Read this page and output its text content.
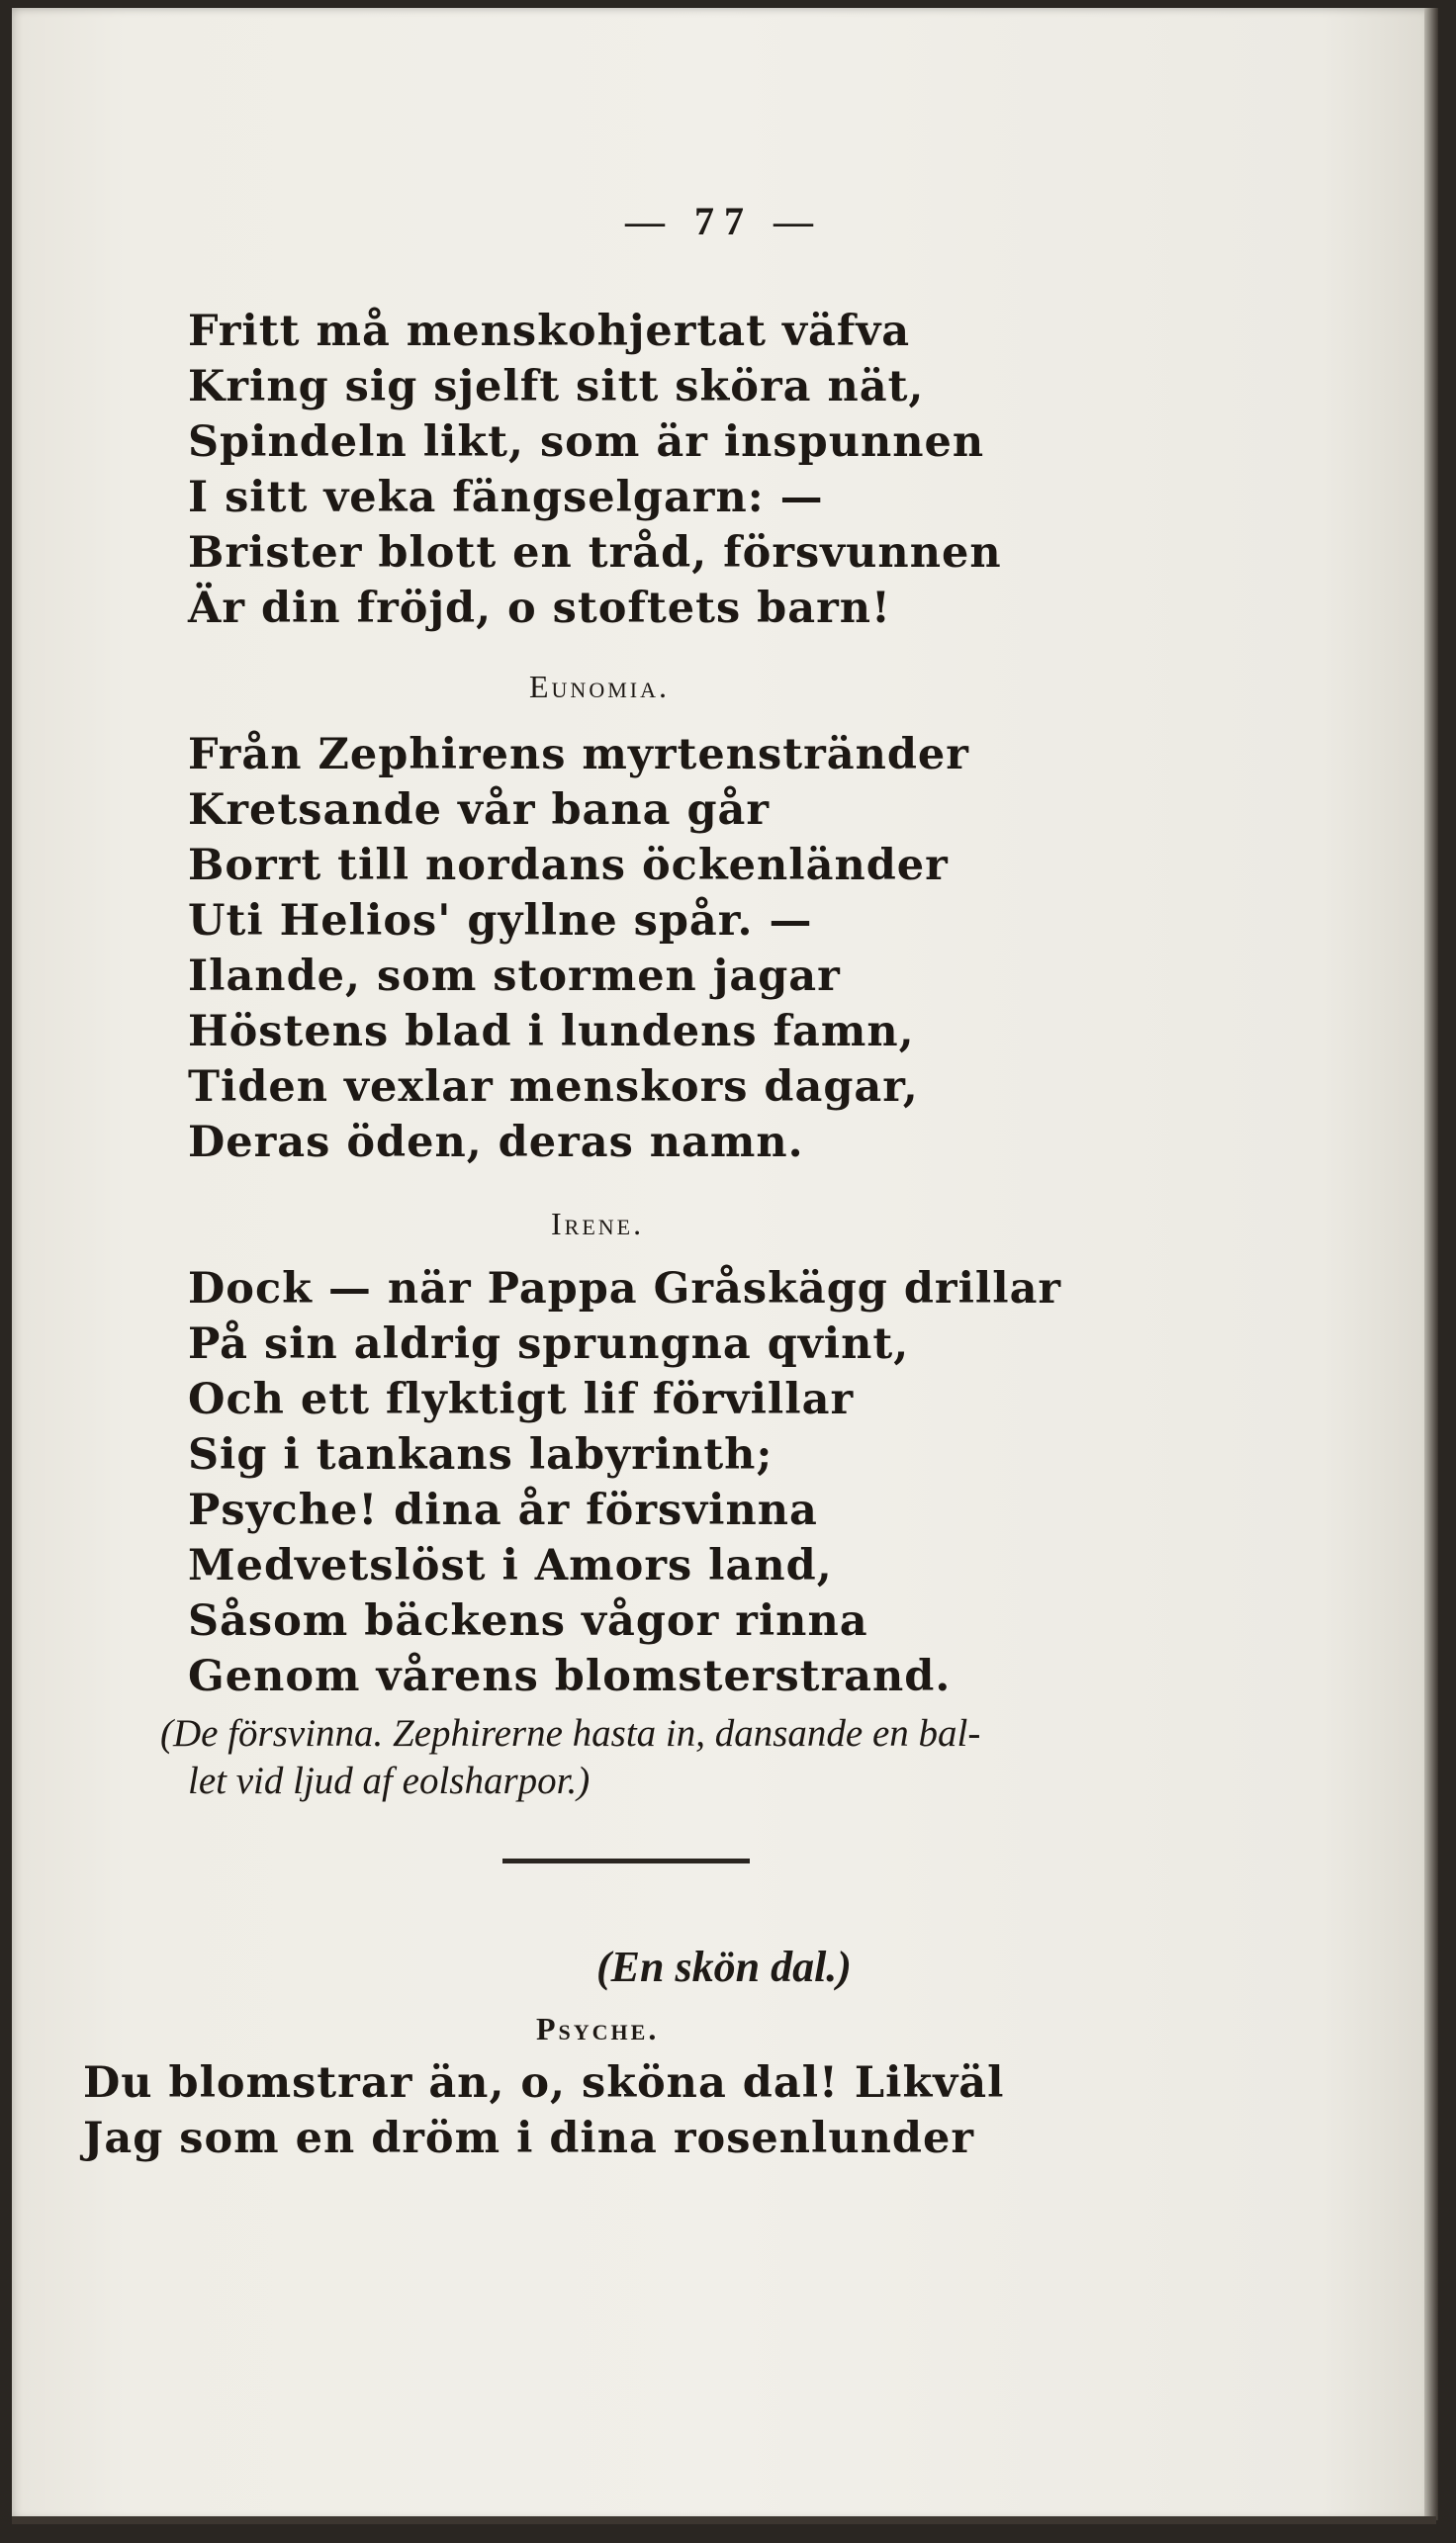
— 77 —
Fritt må menskohjertat väfva
Kring sig sjelft sitt sköra nät,
Spindeln likt, som är inspunnen
I sitt veka fängselgarn: —
Brister blott en tråd, försvunnen
Är din fröjd, o stoftets barn!
Eunomia.
Från Zephirens myrtenstränder
Kretsande vår bana går
Borrt till nordans öckenländer
Uti Helios' gyllne spår. —
Ilande, som stormen jagar
Höstens blad i lundens famn,
Tiden vexlar menskors dagar,
Deras öden, deras namn.
Irene.
Dock — när Pappa Gråskägg drillar
På sin aldrig sprungna qvint,
Och ett flyktigt lif förvillar
Sig i tankans labyrinth;
Psyche! dina år försvinna
Medvetslöst i Amors land,
Såsom bäckens vågor rinna
Genom vårens blomsterstrand.
(De försvinna. Zephirerne hasta in, dansande en bal-
let vid ljud af eolsharpor.)
(En skön dal.)
Psyche.
Du blomstrar än, o, sköna dal! Likväl
Jag som en dröm i dina rosenlunder
